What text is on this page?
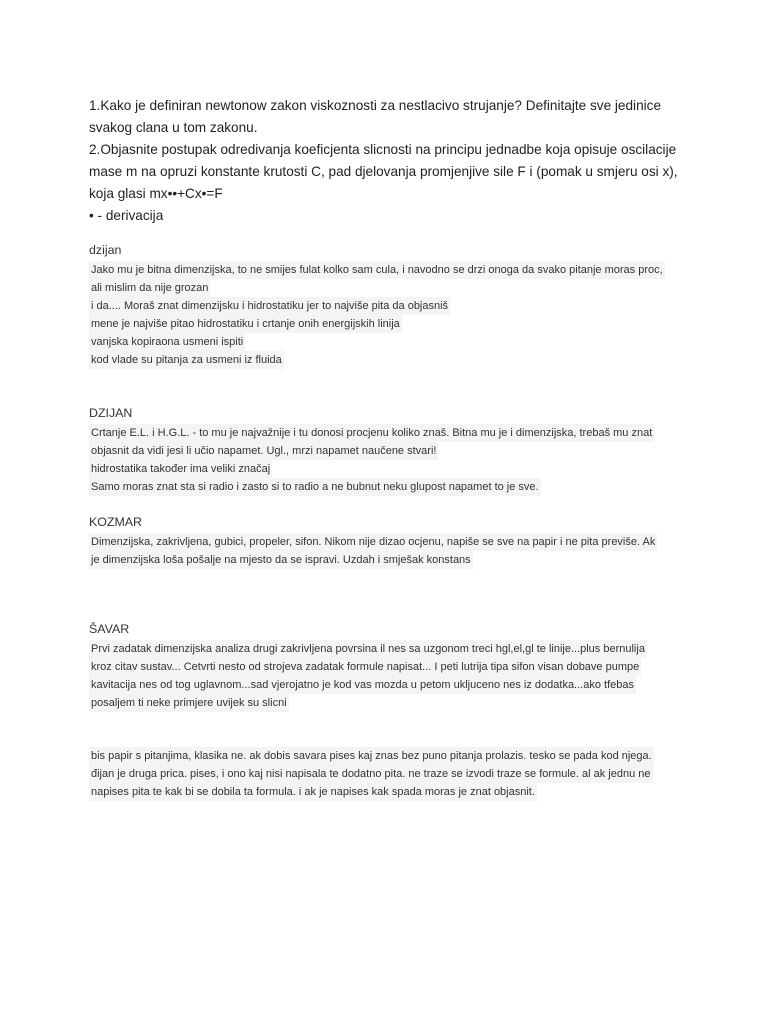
1.Kako je definiran newtonow zakon viskoznosti za nestlacivo strujanje? Definitajte sve jedinice

svakog clana u tom zakonu.

2.Objasnite postupak odredivanja koeficjenta slicnosti na principu jednadbe koja opisuje oscilacije

mase m na opruzi konstante krutosti C, pad djelovanja promjenjive sile F i (pomak u smjeru osi x),

koja glasi mx••+Cx•=F

• - derivacija

dzijan
Jako mu je bitna dimenzijska, to ne smijes fulat kolko sam cula, i navodno se drzi onoga da svako pitanje moras proc,
ali mislim da nije grozan
i da.... Moraš znat dimenzijsku i hidrostatiku jer to najviše pita da objasniš
mene je najviše pitao hidrostatiku i crtanje onih energijskih linija
vanjska kopiraona usmeni ispiti
kod vlade su pitanja za usmeni iz fluida
DZIJAN
Crtanje E.L. i H.G.L. - to mu je najvažnije i tu donosi procjenu koliko znaš. Bitna mu je i dimenzijska, trebaš mu znat
objasnit da vidi jesi li učio napamet. Ugl., mrzi napamet naučene stvari!
hidrostatika također ima veliki značaj
Samo moras znat sta si radio i zasto si to radio a ne bubnut neku glupost napamet to je sve.
KOZMAR
Dimenzijska, zakrivljena, gubici, propeler, sifon. Nikom nije dizao ocjenu, napiše se sve na papir i ne pita previše. Ak
je dimenzijska loša pošalje na mjesto da se ispravi. Uzdah i smješak konstans
ŠAVAR
Prvi zadatak dimenzijska analiza drugi zakrivljena povrsina il nes sa uzgonom treci hgl,el,gl te linije...plus bernulija
kroz citav sustav... Cetvrti nesto od strojeva zadatak formule napisat... I peti lutrija tipa sifon visan dobave pumpe
kavitacija nes od tog uglavnom...sad vjerojatno je kod vas mozda u petom ukljuceno nes iz dodatka...ako tfebas
posaljem ti neke primjere uvijek su slicni
bis papir s pitanjima, klasika ne. ak dobis savara pises kaj znas bez puno pitanja prolazis. tesko se pada kod njega.
đijan je druga prica. pises, i ono kaj nisi napisala te dodatno pita. ne traze se izvodi traze se formule. al ak jednu ne
napises pita te kak bi se dobila ta formula. i ak je napises kak spada moras je znat objasnit.
